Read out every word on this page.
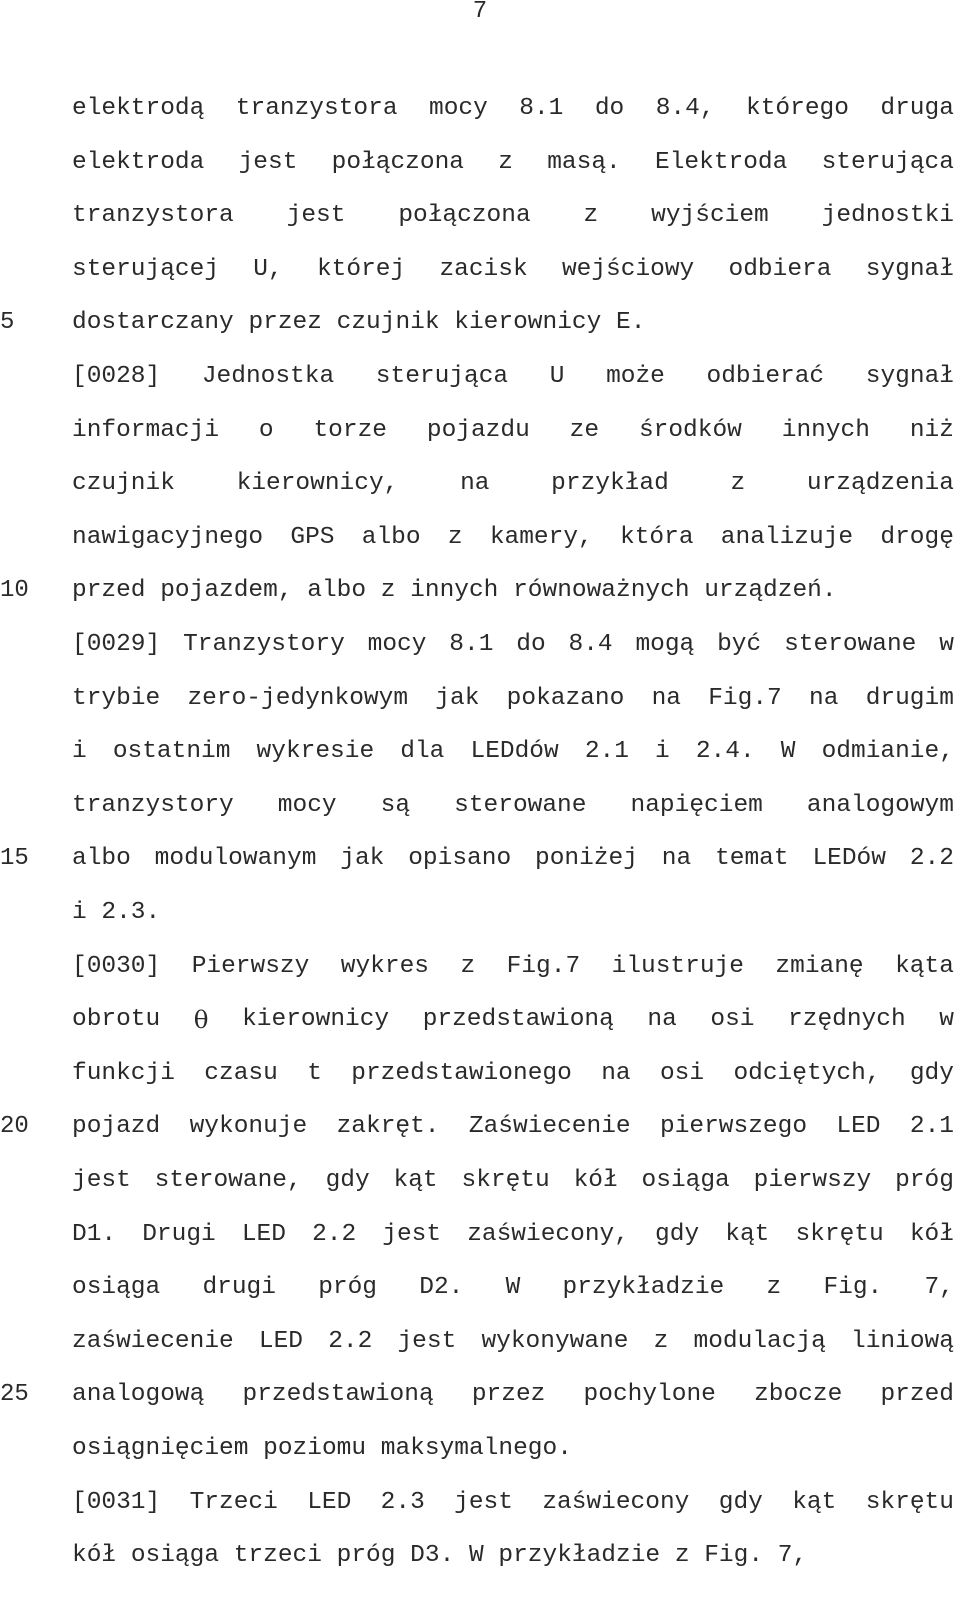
7
5
10
15
20
25
elektrodą tranzystora mocy 8.1 do 8.4, którego druga
elektroda jest połączona z masą. Elektroda sterująca
tranzystora jest połączona z wyjściem jednostki
sterującej U, której zacisk wejściowy odbiera sygnał
dostarczany przez czujnik kierownicy E.
[0028] Jednostka sterująca U może odbierać sygnał
informacji o torze pojazdu ze środków innych niż
czujnik	kierownicy,	na	przykład	z	urządzenia
nawigacyjnego GPS albo z kamery, która analizuje drogę
przed pojazdem, albo z innych równoważnych urządzeń.
[0029] Tranzystory mocy 8.1 do 8.4 mogą być sterowane w
trybie zero-jedynkowym jak pokazano na Fig.7 na drugim
i ostatnim wykresie dla LEDdów 2.1 i 2.4. W odmianie,
tranzystory mocy są sterowane napięciem analogowym
albo modulowanym jak opisano poniżej na temat LEDów 2.2
i 2.3.
[0030] Pierwszy wykres z Fig.7 ilustruje zmianę kąta
obrotu θ kierownicy przedstawioną na osi rzędnych w
funkcji czasu t przedstawionego na osi odciętych, gdy
pojazd wykonuje zakręt. Zaświecenie pierwszego LED 2.1
jest sterowane, gdy kąt skrętu kół osiąga pierwszy próg
D1. Drugi LED 2.2 jest zaświecony, gdy kąt skrętu kół
osiąga drugi próg D2. W przykładzie z Fig. 7,
zaświecenie LED 2.2 jest wykonywane z modulacją liniową
analogową przedstawioną przez pochylone zbocze przed
osiągnięciem poziomu maksymalnego.
[0031] Trzeci LED 2.3 jest zaświecony gdy kąt skrętu
kół osiąga trzeci próg D3. W przykładzie z Fig. 7,
